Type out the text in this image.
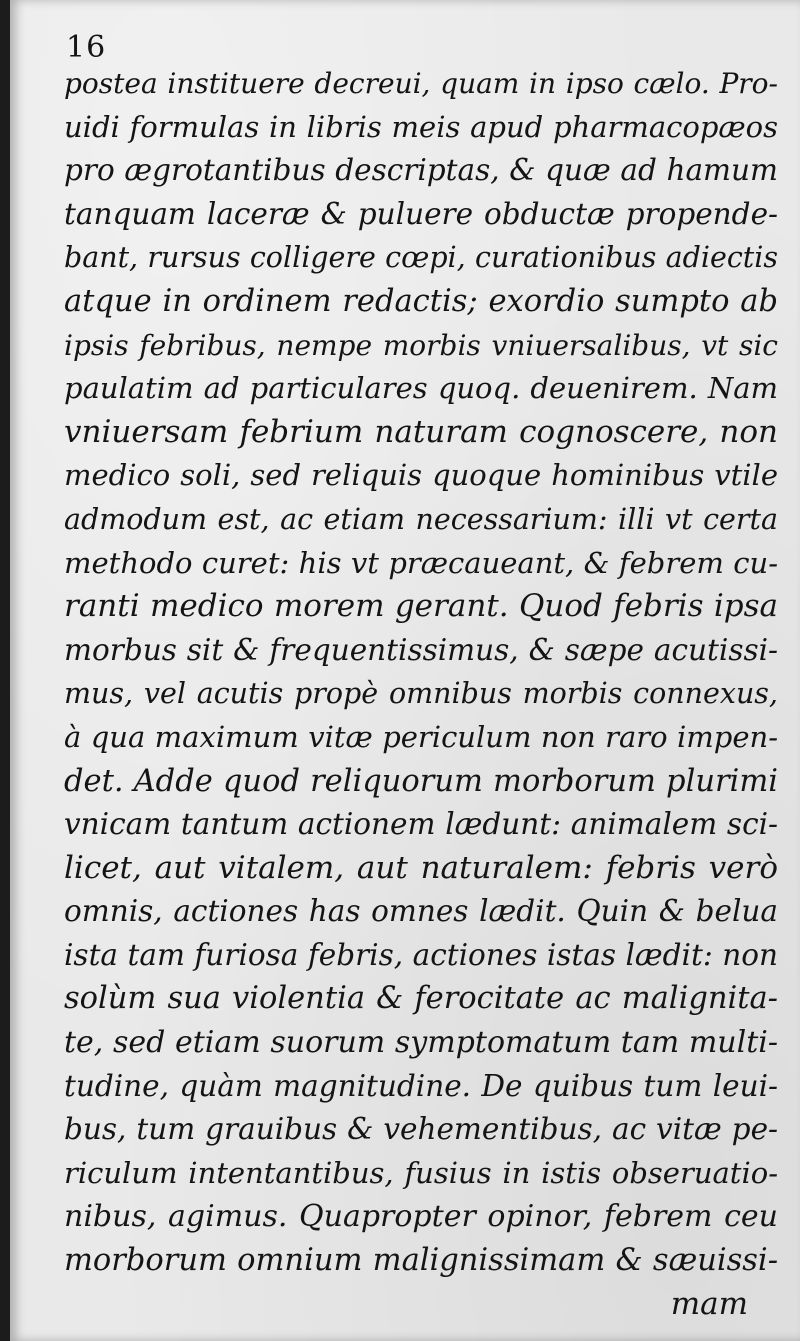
16
postea instituere decreui, quam in ipso cælo. Pro-
uidi formulas in libris meis apud pharmacopæos
pro ægrotantibus descriptas, & quæ ad hamum
tanquam laceræ & puluere obductæ propende-
bant, rursus colligere cœpi, curationibus adiectis
atque in ordinem redactis; exordio sumpto ab
ipsis febribus, nempe morbis vniuersalibus, vt sic
paulatim ad particulares quoq. deuenirem. Nam
vniuersam febrium naturam cognoscere, non
medico soli, sed reliquis quoque hominibus vtile
admodum est, ac etiam necessarium: illi vt certa
methodo curet: his vt præcaueant, & febrem cu-
ranti medico morem gerant. Quod febris ipsa
morbus sit & frequentissimus, & sæpe acutissi-
mus, vel acutis propè omnibus morbis connexus,
à qua maximum vitæ periculum non raro impen-
det. Adde quod reliquorum morborum plurimi
vnicam tantum actionem lædunt: animalem sci-
licet, aut vitalem, aut naturalem: febris verò
omnis, actiones has omnes lædit. Quin & belua
ista tam furiosa febris, actiones istas lædit: non
solùm sua violentia & ferocitate ac malignita-
te, sed etiam suorum symptomatum tam multi-
tudine, quàm magnitudine. De quibus tum leui-
bus, tum grauibus & vehementibus, ac vitæ pe-
riculum intentantibus, fusius in istis obseruatio-
nibus, agimus. Quapropter opinor, febrem ceu
morborum omnium malignissimam & sæuissi-
mam
